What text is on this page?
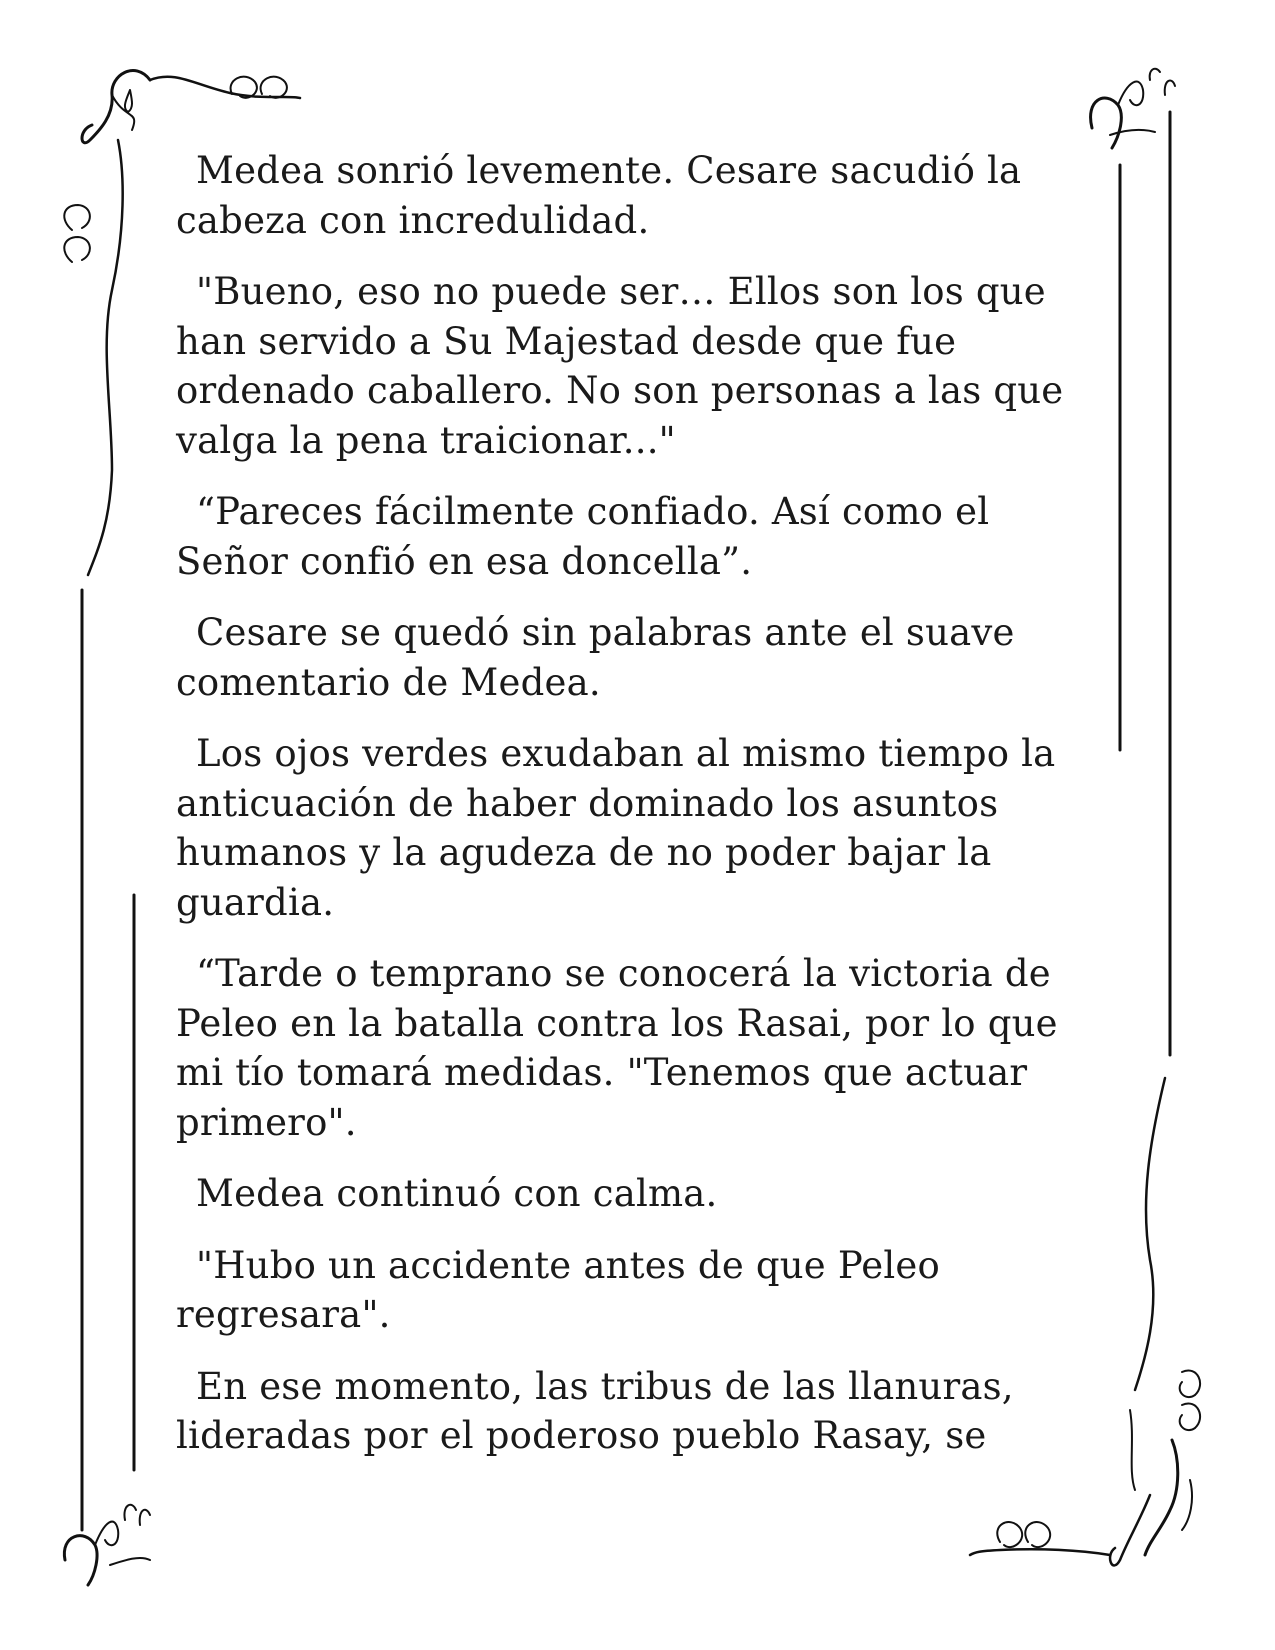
Medea sonrió levemente. Cesare sacudió la cabeza con incredulidad.

"Bueno, eso no puede ser… Ellos son los que han servido a Su Majestad desde que fue ordenado caballero. No son personas a las que valga la pena traicionar..."

“Pareces fácilmente confiado. Así como el Señor confió en esa doncella”.

Cesare se quedó sin palabras ante el suave comentario de Medea.

Los ojos verdes exudaban al mismo tiempo la anticuación de haber dominado los asuntos humanos y la agudeza de no poder bajar la guardia.

“Tarde o temprano se conocerá la victoria de Peleo en la batalla contra los Rasai, por lo que mi tío tomará medidas. "Tenemos que actuar primero".

Medea continuó con calma.

"Hubo un accidente antes de que Peleo regresara".

En ese momento, las tribus de las llanuras, lideradas por el poderoso pueblo Rasay, se
